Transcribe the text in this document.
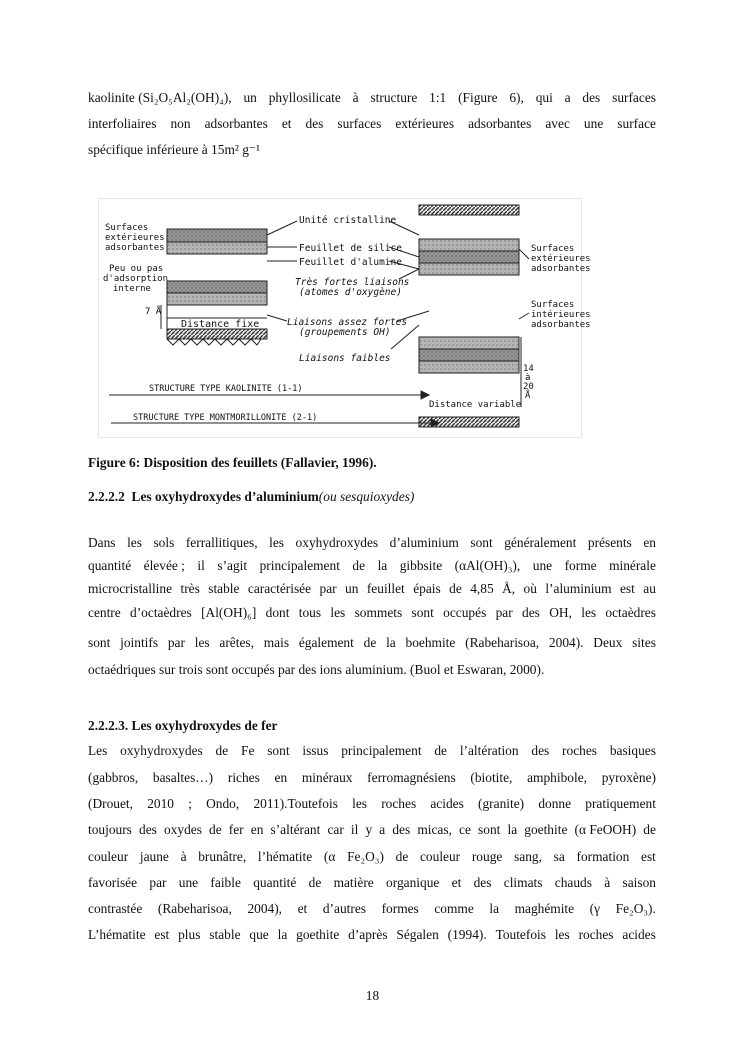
kaolinite (Si₂O₅Al₂(OH)₄), un phyllosilicate à structure 1:1 (Figure 6), qui a des surfaces
interfoliaires non adsorbantes et des surfaces extérieures adsorbantes avec une surface
spécifique inférieure à 15m² g⁻¹
Surfaces
extérieures
adsorbantes
Peu ou pas
d'adsorption
interne
7 Å
Distance fixe
Unité cristalline
Feuillet de silice
Feuillet d'alumine
Très fortes liaisons
(atomes d'oxygène)
Liaisons assez fortes
(groupements OH)
Liaisons faibles
Surfaces
extérieures
adsorbantes
Surfaces
intérieures
adsorbantes
14
à
20
Å
Distance variable
STRUCTURE TYPE KAOLINITE (1-1)
STRUCTURE TYPE MONTMORILLONITE (2-1)
Figure 6: Disposition des feuillets (Fallavier, 1996).
2.2.2.2 Les oxyhydroxydes d’aluminium(ou sesquioxydes)
Dans les sols ferrallitiques, les oxyhydroxydes d’aluminium sont généralement présents en
quantité élevée ; il s’agit principalement de la gibbsite (αAl(OH)₃), une forme minérale
microcristalline très stable caractérisée par un feuillet épais de 4,85 Å, où l’aluminium est au
centre d’octaèdres [Al(OH)₆] dont tous les sommets sont occupés par des OH, les octaèdres
sont jointifs par les arêtes, mais également de la boehmite (Rabeharisoa, 2004). Deux sites
octaédriques sur trois sont occupés par des ions aluminium. (Buol et Eswaran, 2000).
2.2.2.3. Les oxyhydroxydes de fer
Les oxyhydroxydes de Fe sont issus principalement de l’altération des roches basiques
(gabbros, basaltes…) riches en minéraux ferromagnésiens (biotite, amphibole, pyroxène)
(Drouet, 2010 ; Ondo, 2011).Toutefois les roches acides (granite) donne pratiquement
toujours des oxydes de fer en s’altérant car il y a des micas, ce sont la goethite (α FeOOH) de
couleur jaune à brunâtre, l’hématite (α Fe₂O₃) de couleur rouge sang, sa formation est
favorisée par une faible quantité de matière organique et des climats chauds à saison
contrastée (Rabeharisoa, 2004), et d’autres formes comme la maghémite (γ Fe₂O₃).
L’hématite est plus stable que la goethite d’après Ségalen (1994). Toutefois les roches acides
18
